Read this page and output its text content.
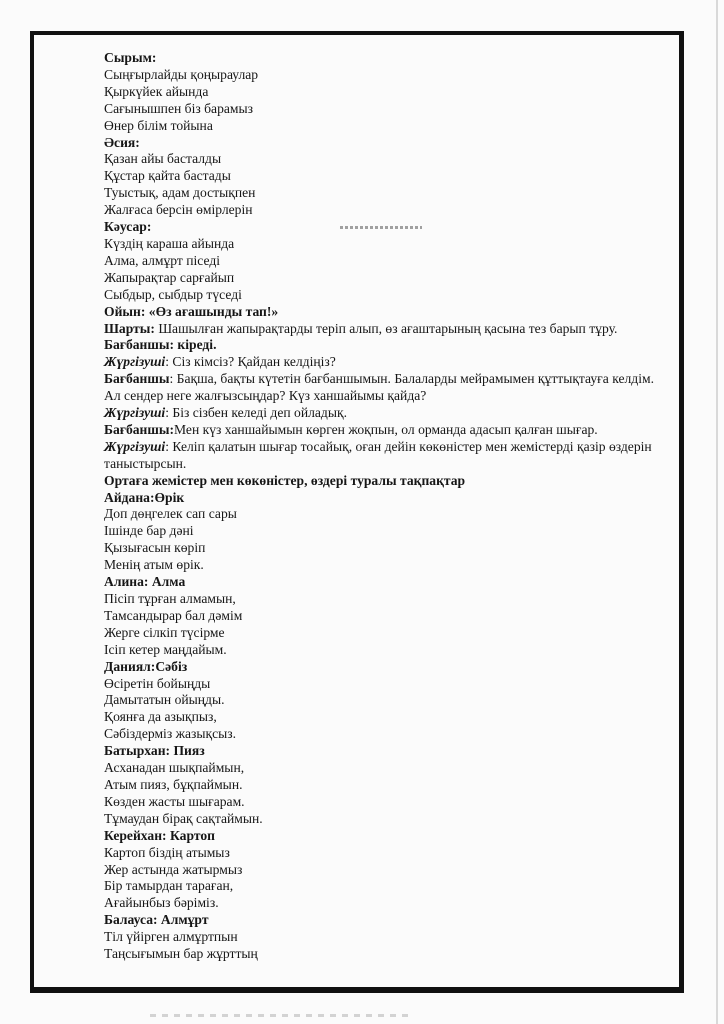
Сырым:

Сыңғырлайды қоңыраулар

Қыркүйек айында

Сағынышпен біз барамыз

Өнер білім тойына

Әсия:

Қазан айы басталды

Құстар қайта бастады

Туыстық, адам достықпен

Жалғаса берсін өмірлерін

Кәусар:

Күздің караша айында

Алма, алмұрт піседі

Жапырақтар сарғайып

Сыбдыр, сыбдыр түседі

Ойын: «Өз ағашынды тап!»

Шарты: Шашылған жапырақтарды теріп алып, өз ағаштарының қасына тез барып тұру.

Бағбаншы: кіреді.

Жүргізуші: Сіз кімсіз? Қайдан келдіңіз?

Бағбаншы: Бақша, бақты күтетін бағбаншымын. Балаларды мейрамымен құттықтауға келдім. Ал сендер неге жалғызсыңдар? Күз ханшайымы қайда?

Жүргізуші: Біз сізбен келеді деп ойладық.

Бағбаншы:Мен күз ханшайымын көрген жоқпын, ол орманда адасып қалған шығар.

Жүргізуші: Келіп қалатын шығар тосайық, оған дейін көкөністер мен жемістерді қазір өздерін таныстырсын.

Ортаға жемістер мен көкөністер, өздері туралы тақпақтар

Айдана:Өрік

Доп дөңгелек сап сары

Ішінде бар дәні

Қызығасын көріп

Менің атым өрік.

Алина: Алма

Пісіп тұрған алмамын,

Тамсандырар бал дәмім

Жерге сілкіп түсірме

Ісіп кетер маңдайым.

Даниял:Сәбіз

Өсіретін бойыңды

Дамытатын ойыңды.

Қоянға да азықпыз,

Сәбіздерміз жазықсыз.

Батырхан: Пияз

Асханадан шықпаймын,

Атым пияз, бұқпаймын.

Көзден жасты шығарам.

Тұмаудан бірақ сақтаймын.

Керейхан: Картоп

Картоп біздің атымыз

Жер астында жатырмыз

Бір тамырдан тараған,

Ағайынбыз бәріміз.

Балауса: Алмұрт

Тіл үйірген алмұртпын

Таңсығымын бар жұрттың
